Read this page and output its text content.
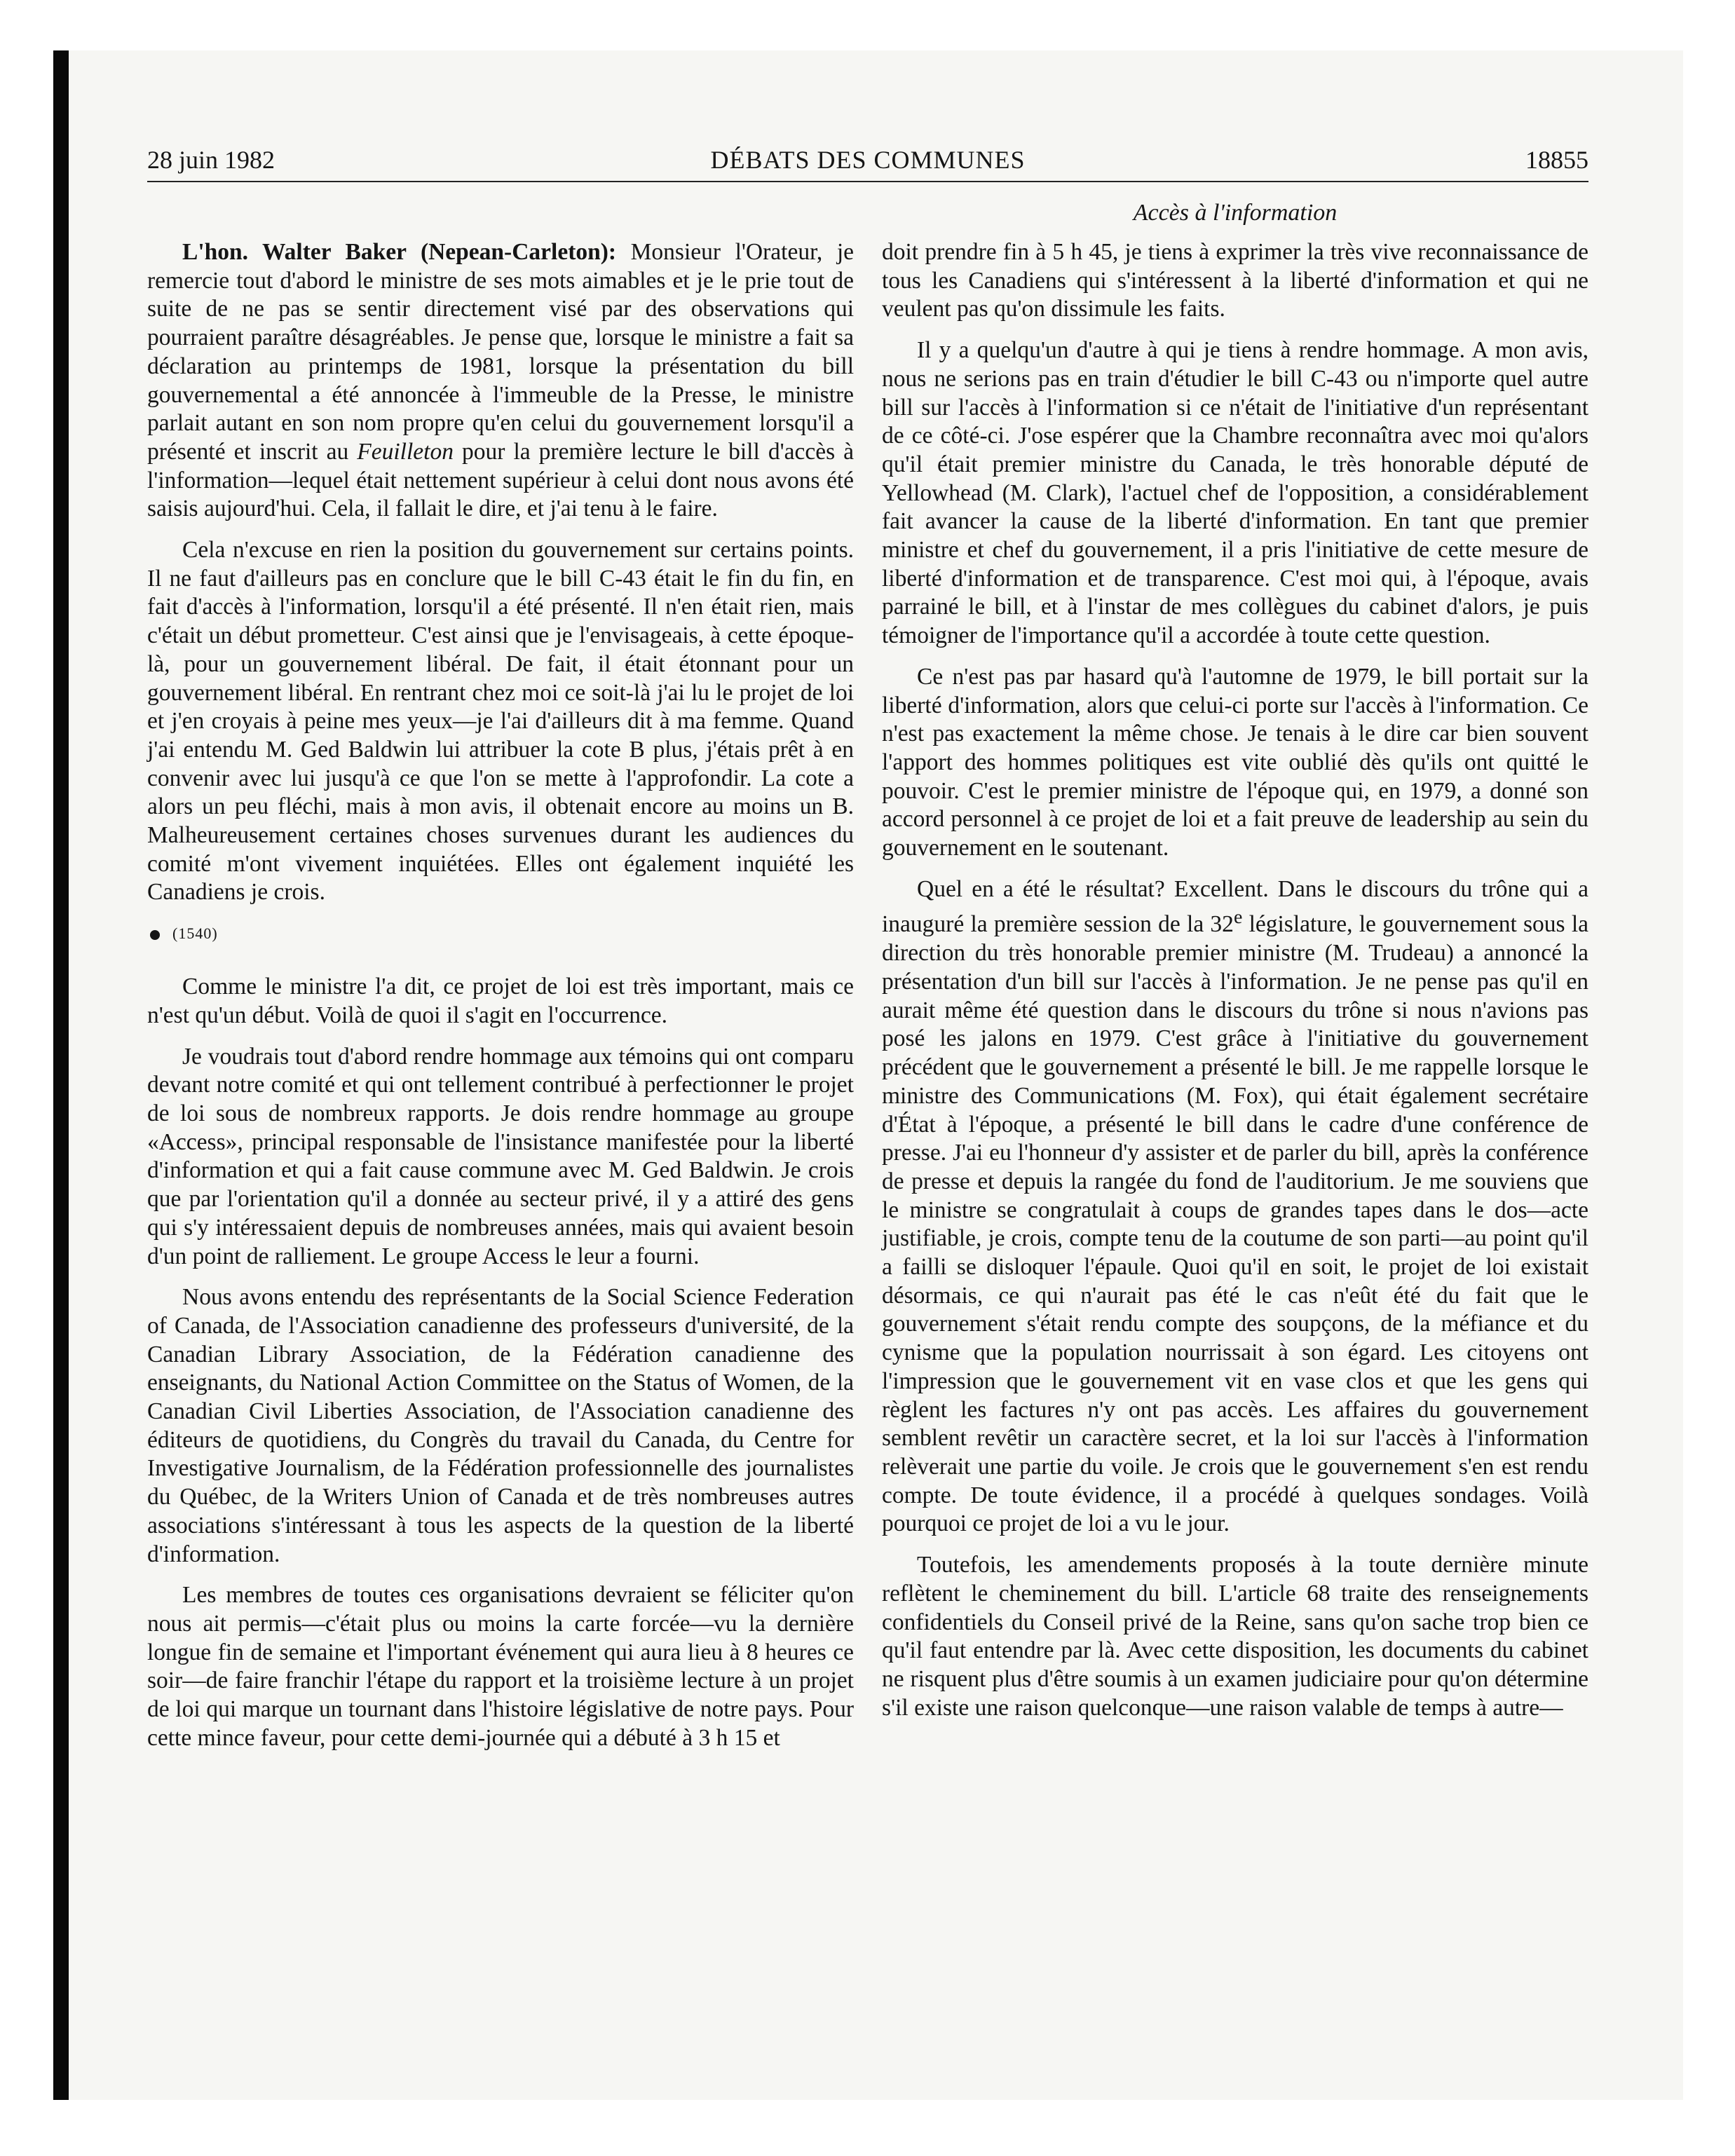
28 juin 1982	DÉBATS DES COMMUNES	18855
Accès à l'information

L'hon. Walter Baker (Nepean-Carleton): Monsieur l'Orateur, je remercie tout d'abord le ministre de ses mots aimables et je le prie tout de suite de ne pas se sentir directement visé par des observations qui pourraient paraître désagréables. Je pense que, lorsque le ministre a fait sa déclaration au printemps de 1981, lorsque la présentation du bill gouvernemental a été annoncée à l'immeuble de la Presse, le ministre parlait autant en son nom propre qu'en celui du gouvernement lorsqu'il a présenté et inscrit au Feuilleton pour la première lecture le bill d'accès à l'information—lequel était nettement supérieur à celui dont nous avons été saisis aujourd'hui. Cela, il fallait le dire, et j'ai tenu à le faire.

Cela n'excuse en rien la position du gouvernement sur certains points. Il ne faut d'ailleurs pas en conclure que le bill C-43 était le fin du fin, en fait d'accès à l'information, lorsqu'il a été présenté. Il n'en était rien, mais c'était un début prometteur. C'est ainsi que je l'envisageais, à cette époque-là, pour un gouvernement libéral. De fait, il était étonnant pour un gouvernement libéral. En rentrant chez moi ce soit-là j'ai lu le projet de loi et j'en croyais à peine mes yeux—je l'ai d'ailleurs dit à ma femme. Quand j'ai entendu M. Ged Baldwin lui attribuer la cote B plus, j'étais prêt à en convenir avec lui jusqu'à ce que l'on se mette à l'approfondir. La cote a alors un peu fléchi, mais à mon avis, il obtenait encore au moins un B. Malheureusement certaines choses survenues durant les audiences du comité m'ont vivement inquiétées. Elles ont également inquiété les Canadiens je crois.

(1540)

Comme le ministre l'a dit, ce projet de loi est très important, mais ce n'est qu'un début. Voilà de quoi il s'agit en l'occurrence.

Je voudrais tout d'abord rendre hommage aux témoins qui ont comparu devant notre comité et qui ont tellement contribué à perfectionner le projet de loi sous de nombreux rapports. Je dois rendre hommage au groupe «Access», principal responsable de l'insistance manifestée pour la liberté d'information et qui a fait cause commune avec M. Ged Baldwin. Je crois que par l'orientation qu'il a donnée au secteur privé, il y a attiré des gens qui s'y intéressaient depuis de nombreuses années, mais qui avaient besoin d'un point de ralliement. Le groupe Access le leur a fourni.

Nous avons entendu des représentants de la Social Science Federation of Canada, de l'Association canadienne des professeurs d'université, de la Canadian Library Association, de la Fédération canadienne des enseignants, du National Action Committee on the Status of Women, de la Canadian Civil Liberties Association, de l'Association canadienne des éditeurs de quotidiens, du Congrès du travail du Canada, du Centre for Investigative Journalism, de la Fédération professionnelle des journalistes du Québec, de la Writers Union of Canada et de très nombreuses autres associations s'intéressant à tous les aspects de la question de la liberté d'information.

Les membres de toutes ces organisations devraient se féliciter qu'on nous ait permis—c'était plus ou moins la carte forcée—vu la dernière longue fin de semaine et l'important événement qui aura lieu à 8 heures ce soir—de faire franchir l'étape du rapport et la troisième lecture à un projet de loi qui marque un tournant dans l'histoire législative de notre pays. Pour cette mince faveur, pour cette demi-journée qui a débuté à 3 h 15 et

doit prendre fin à 5 h 45, je tiens à exprimer la très vive reconnaissance de tous les Canadiens qui s'intéressent à la liberté d'information et qui ne veulent pas qu'on dissimule les faits.

Il y a quelqu'un d'autre à qui je tiens à rendre hommage. A mon avis, nous ne serions pas en train d'étudier le bill C-43 ou n'importe quel autre bill sur l'accès à l'information si ce n'était de l'initiative d'un représentant de ce côté-ci. J'ose espérer que la Chambre reconnaîtra avec moi qu'alors qu'il était premier ministre du Canada, le très honorable député de Yellowhead (M. Clark), l'actuel chef de l'opposition, a considérablement fait avancer la cause de la liberté d'information. En tant que premier ministre et chef du gouvernement, il a pris l'initiative de cette mesure de liberté d'information et de transparence. C'est moi qui, à l'époque, avais parrainé le bill, et à l'instar de mes collègues du cabinet d'alors, je puis témoigner de l'importance qu'il a accordée à toute cette question.

Ce n'est pas par hasard qu'à l'automne de 1979, le bill portait sur la liberté d'information, alors que celui-ci porte sur l'accès à l'information. Ce n'est pas exactement la même chose. Je tenais à le dire car bien souvent l'apport des hommes politiques est vite oublié dès qu'ils ont quitté le pouvoir. C'est le premier ministre de l'époque qui, en 1979, a donné son accord personnel à ce projet de loi et a fait preuve de leadership au sein du gouvernement en le soutenant.

Quel en a été le résultat? Excellent. Dans le discours du trône qui a inauguré la première session de la 32e législature, le gouvernement sous la direction du très honorable premier ministre (M. Trudeau) a annoncé la présentation d'un bill sur l'accès à l'information. Je ne pense pas qu'il en aurait même été question dans le discours du trône si nous n'avions pas posé les jalons en 1979. C'est grâce à l'initiative du gouvernement précédent que le gouvernement a présenté le bill. Je me rappelle lorsque le ministre des Communications (M. Fox), qui était également secrétaire d'État à l'époque, a présenté le bill dans le cadre d'une conférence de presse. J'ai eu l'honneur d'y assister et de parler du bill, après la conférence de presse et depuis la rangée du fond de l'auditorium. Je me souviens que le ministre se congratulait à coups de grandes tapes dans le dos—acte justifiable, je crois, compte tenu de la coutume de son parti—au point qu'il a failli se disloquer l'épaule. Quoi qu'il en soit, le projet de loi existait désormais, ce qui n'aurait pas été le cas n'eût été du fait que le gouvernement s'était rendu compte des soupçons, de la méfiance et du cynisme que la population nourrissait à son égard. Les citoyens ont l'impression que le gouvernement vit en vase clos et que les gens qui règlent les factures n'y ont pas accès. Les affaires du gouvernement semblent revêtir un caractère secret, et la loi sur l'accès à l'information relèverait une partie du voile. Je crois que le gouvernement s'en est rendu compte. De toute évidence, il a procédé à quelques sondages. Voilà pourquoi ce projet de loi a vu le jour.

Toutefois, les amendements proposés à la toute dernière minute reflètent le cheminement du bill. L'article 68 traite des renseignements confidentiels du Conseil privé de la Reine, sans qu'on sache trop bien ce qu'il faut entendre par là. Avec cette disposition, les documents du cabinet ne risquent plus d'être soumis à un examen judiciaire pour qu'on détermine s'il existe une raison quelconque—une raison valable de temps à autre—
